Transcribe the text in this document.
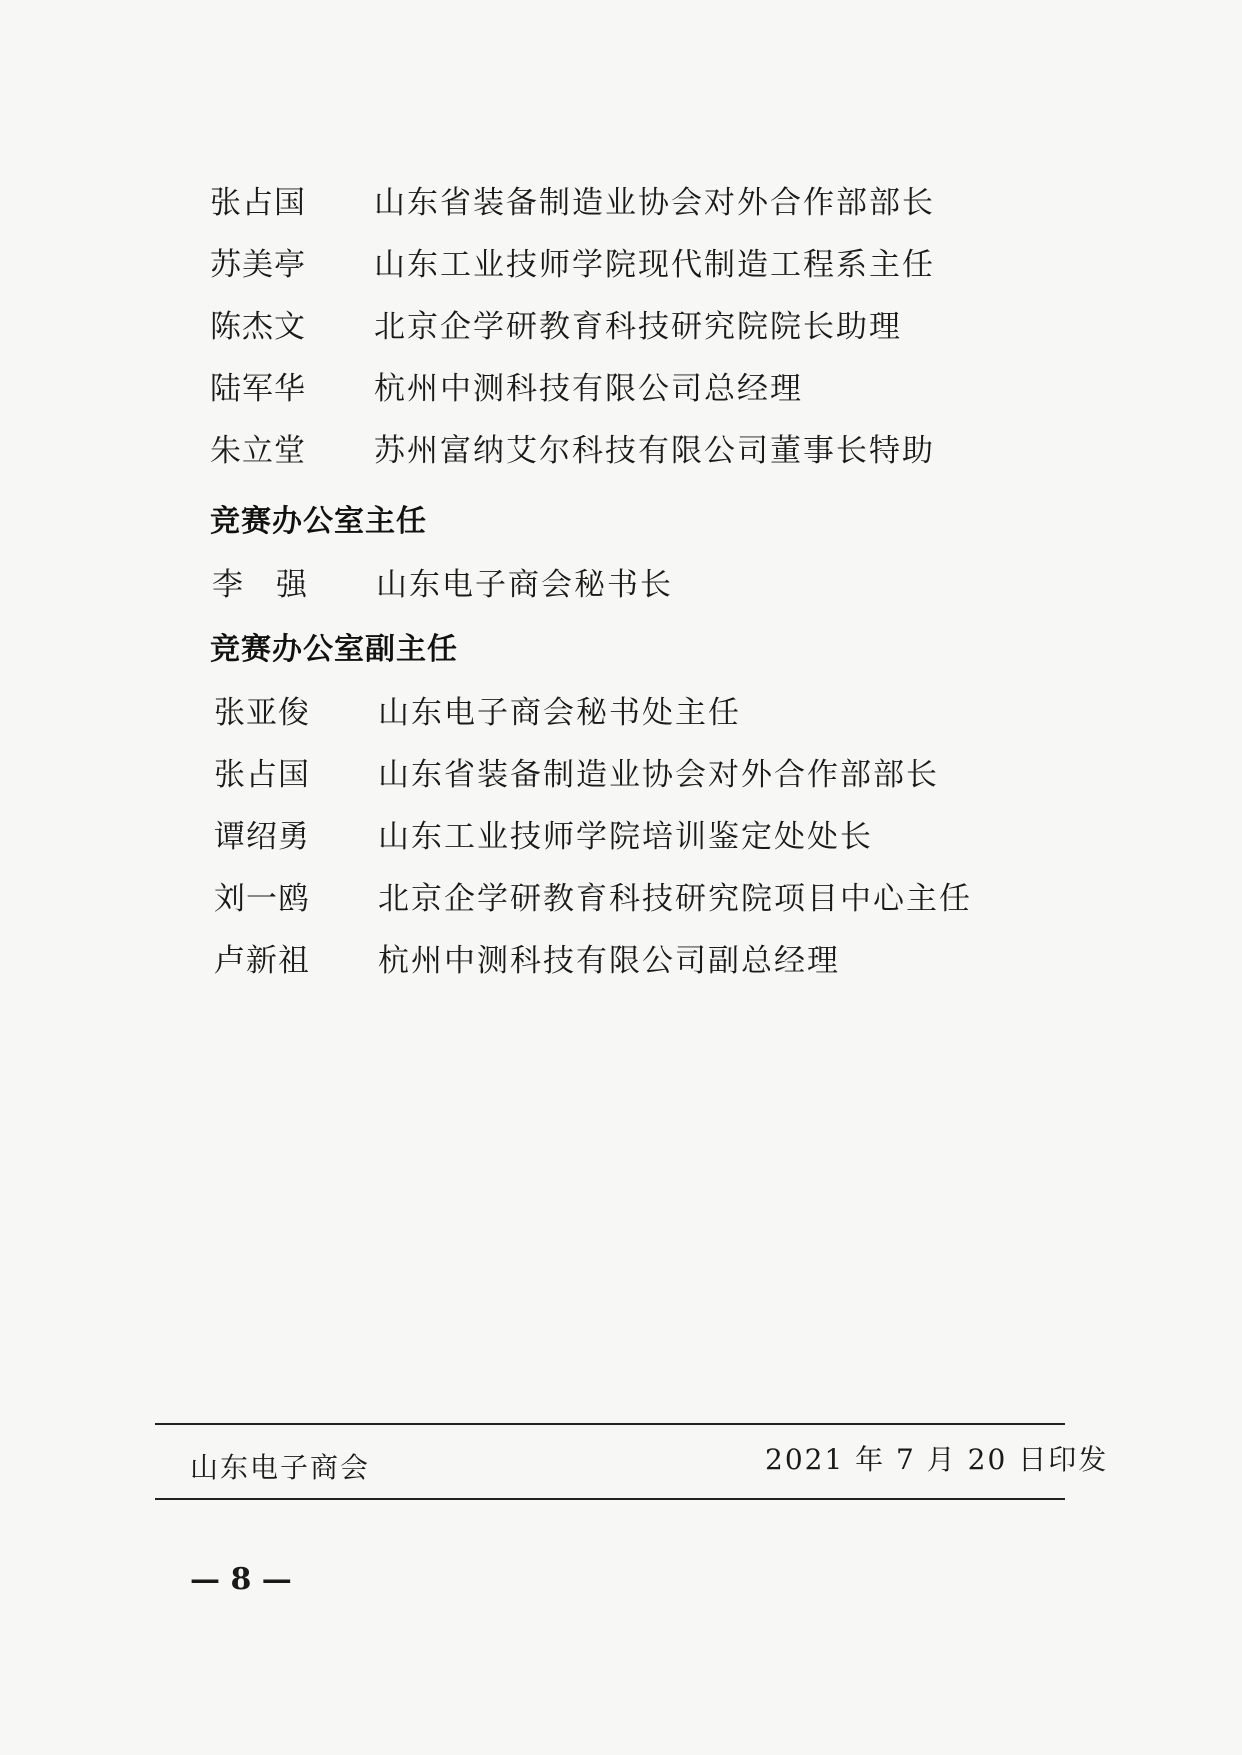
张占国	山东省装备制造业协会对外合作部部长
苏美亭	山东工业技师学院现代制造工程系主任
陈杰文	北京企学研教育科技研究院院长助理
陆军华	杭州中测科技有限公司总经理
朱立堂	苏州富纳艾尔科技有限公司董事长特助
竞赛办公室主任
李　强	山东电子商会秘书长
竞赛办公室副主任
张亚俊	山东电子商会秘书处主任
张占国	山东省装备制造业协会对外合作部部长
谭绍勇	山东工业技师学院培训鉴定处处长
刘一鸥	北京企学研教育科技研究院项目中心主任
卢新祖	杭州中测科技有限公司副总经理
山东电子商会	2021 年 7 月 20 日印发
— 8 —
